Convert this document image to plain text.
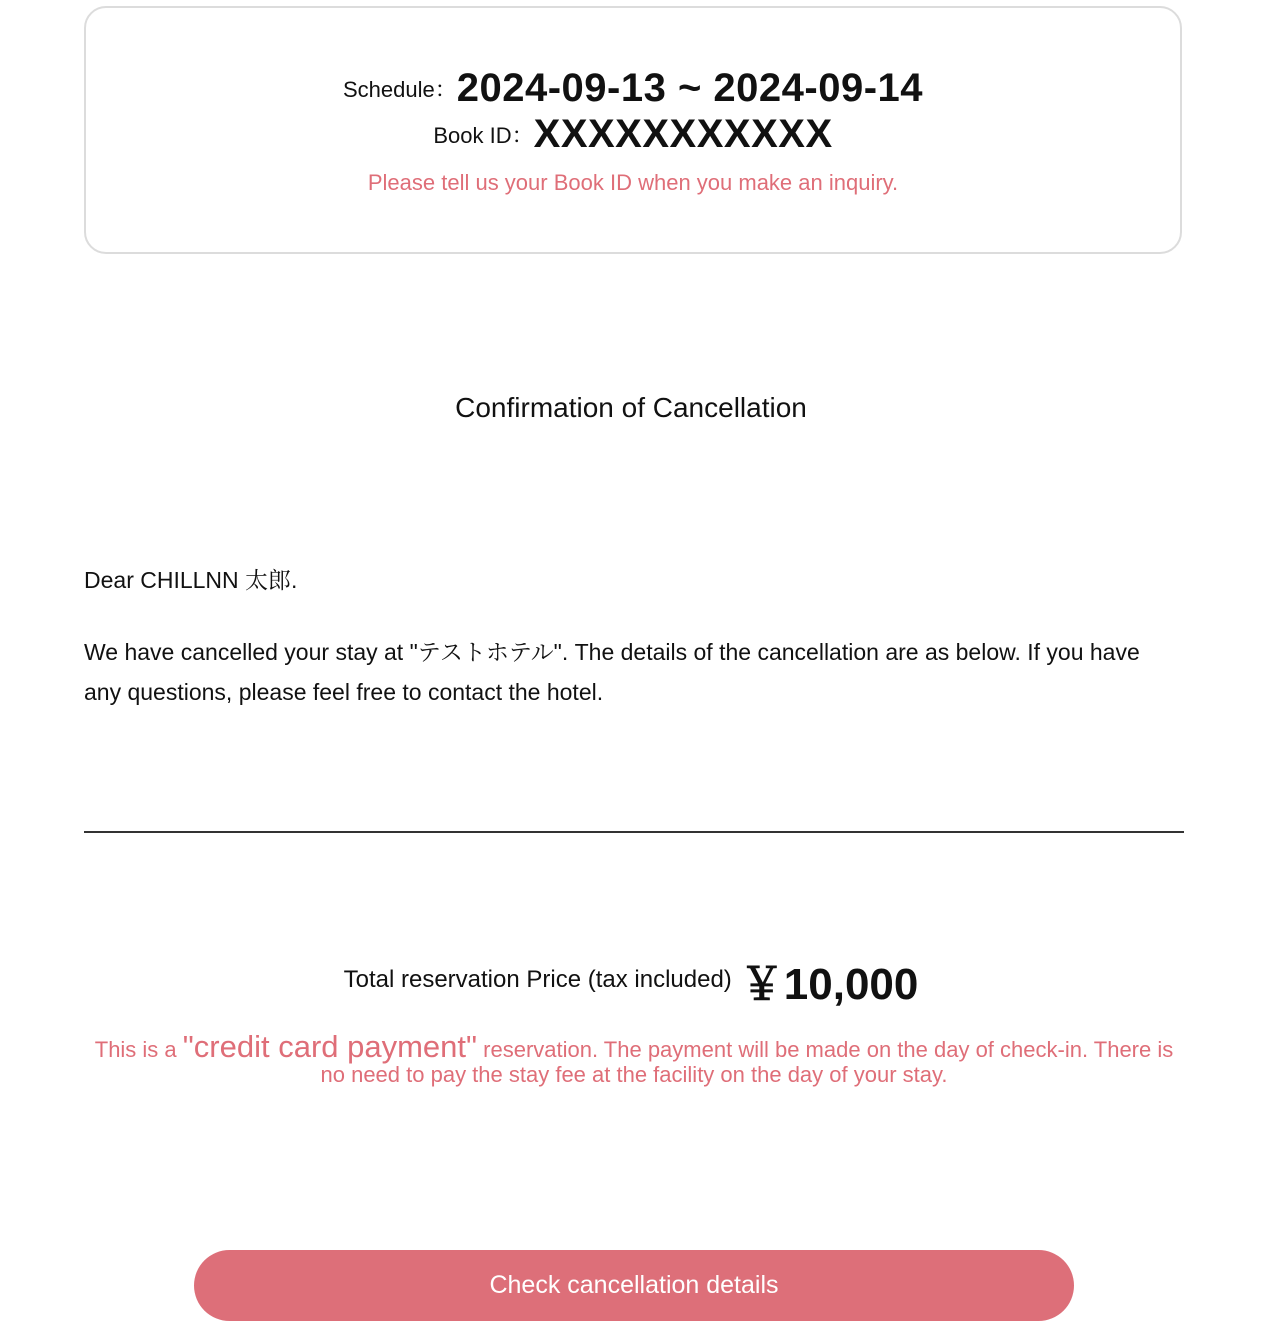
Schedule：2024-09-13 ~ 2024-09-14
Book ID：XXXXXXXXXXX
Please tell us your Book ID when you make an inquiry.
Confirmation of Cancellation

Dear CHILLNN 太郎.

We have cancelled your stay at "テストホテル". The details of the cancellation are as below. If you have any questions, please feel free to contact the hotel.

Total reservation Price (tax included) ￥10,000

This is a "credit card payment" reservation. The payment will be made on the day of check-in. There is no need to pay the stay fee at the facility on the day of your stay.

Check cancellation details
